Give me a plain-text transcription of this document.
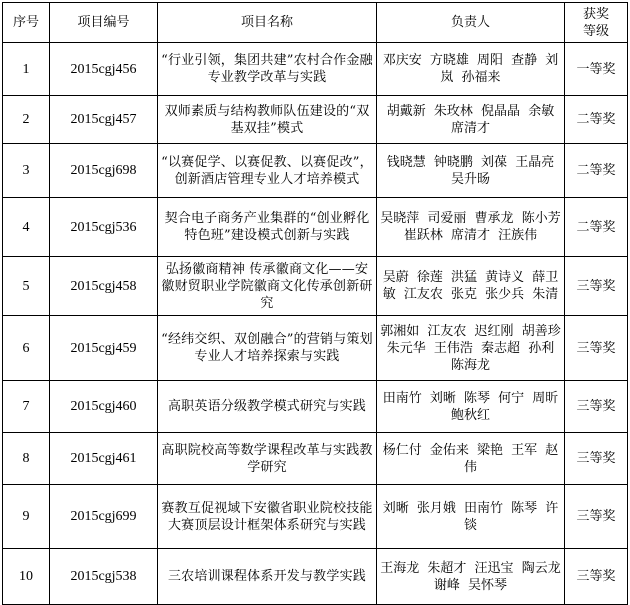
序号	项目编号	项目名称	负责人	获奖等级
1	2015cgj456	“行业引领，集团共建”农村合作金融专业教学改革与实践	邓庆安 方晓雄 周阳 查静 刘岚 孙福来	一等奖
2	2015cgj457	双师素质与结构教师队伍建设的“双基双挂”模式	胡戴新 朱玫林 倪晶晶 余敏 席清才	二等奖
3	2015cgj698	“以赛促学、以赛促教、以赛促改”，创新酒店管理专业人才培养模式	钱晓慧 钟晓鹏 刘葆 王晶亮 吴升旸	二等奖
4	2015cgj536	契合电子商务产业集群的“创业孵化特色班”建设模式创新与实践	吴晓萍 司爱丽 曹承龙 陈小芳 崔跃林 席清才 汪族伟	二等奖
5	2015cgj458	弘扬徽商精神 传承徽商文化——安徽财贸职业学院徽商文化传承创新研究	吴蔚 徐莲 洪猛 黄诗义 薛卫敏 江友农 张克 张少兵 朱清	三等奖
6	2015cgj459	“经纬交织、双创融合”的营销与策划专业人才培养探索与实践	郭湘如 江友农 迟红刚 胡善珍 朱元华 王伟浩 秦志超 孙利 陈海龙	三等奖
7	2015cgj460	高职英语分级教学模式研究与实践	田南竹 刘晰 陈琴 何宁 周昕 鲍秋红	三等奖
8	2015cgj461	高职院校高等数学课程改革与实践教学研究	杨仁付 金佑来 梁艳 王军 赵伟	三等奖
9	2015cgj699	赛教互促视域下安徽省职业院校技能大赛顶层设计框架体系研究与实践	刘晰 张月娥 田南竹 陈琴 许锬	三等奖
10	2015cgj538	三农培训课程体系开发与教学实践	王海龙 朱超才 汪迅宝 陶云龙 谢峰 吴怀琴	三等奖
